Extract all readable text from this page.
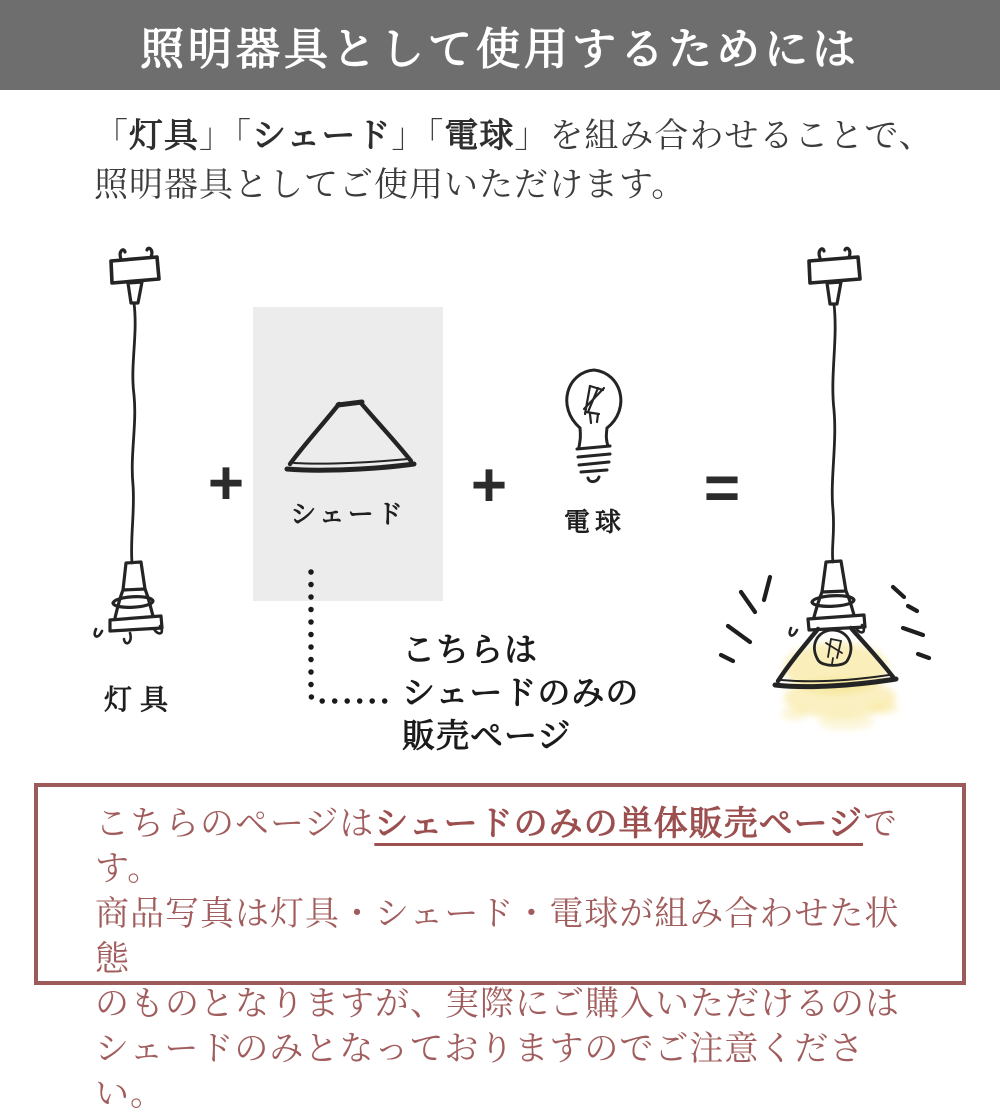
照明器具として使用するためには
「灯具」「シェード」「電球」を組み合わせることで、
照明器具としてご使用いただけます。
+	+	=
灯具
シェード	電球
こちらは
シェードのみの
販売ページ

こちらのページはシェードのみの単体販売ページです。

商品写真は灯具・シェード・電球が組み合わせた状態

のものとなりますが、実際にご購入いただけるのは

シェードのみとなっておりますのでご注意ください。
